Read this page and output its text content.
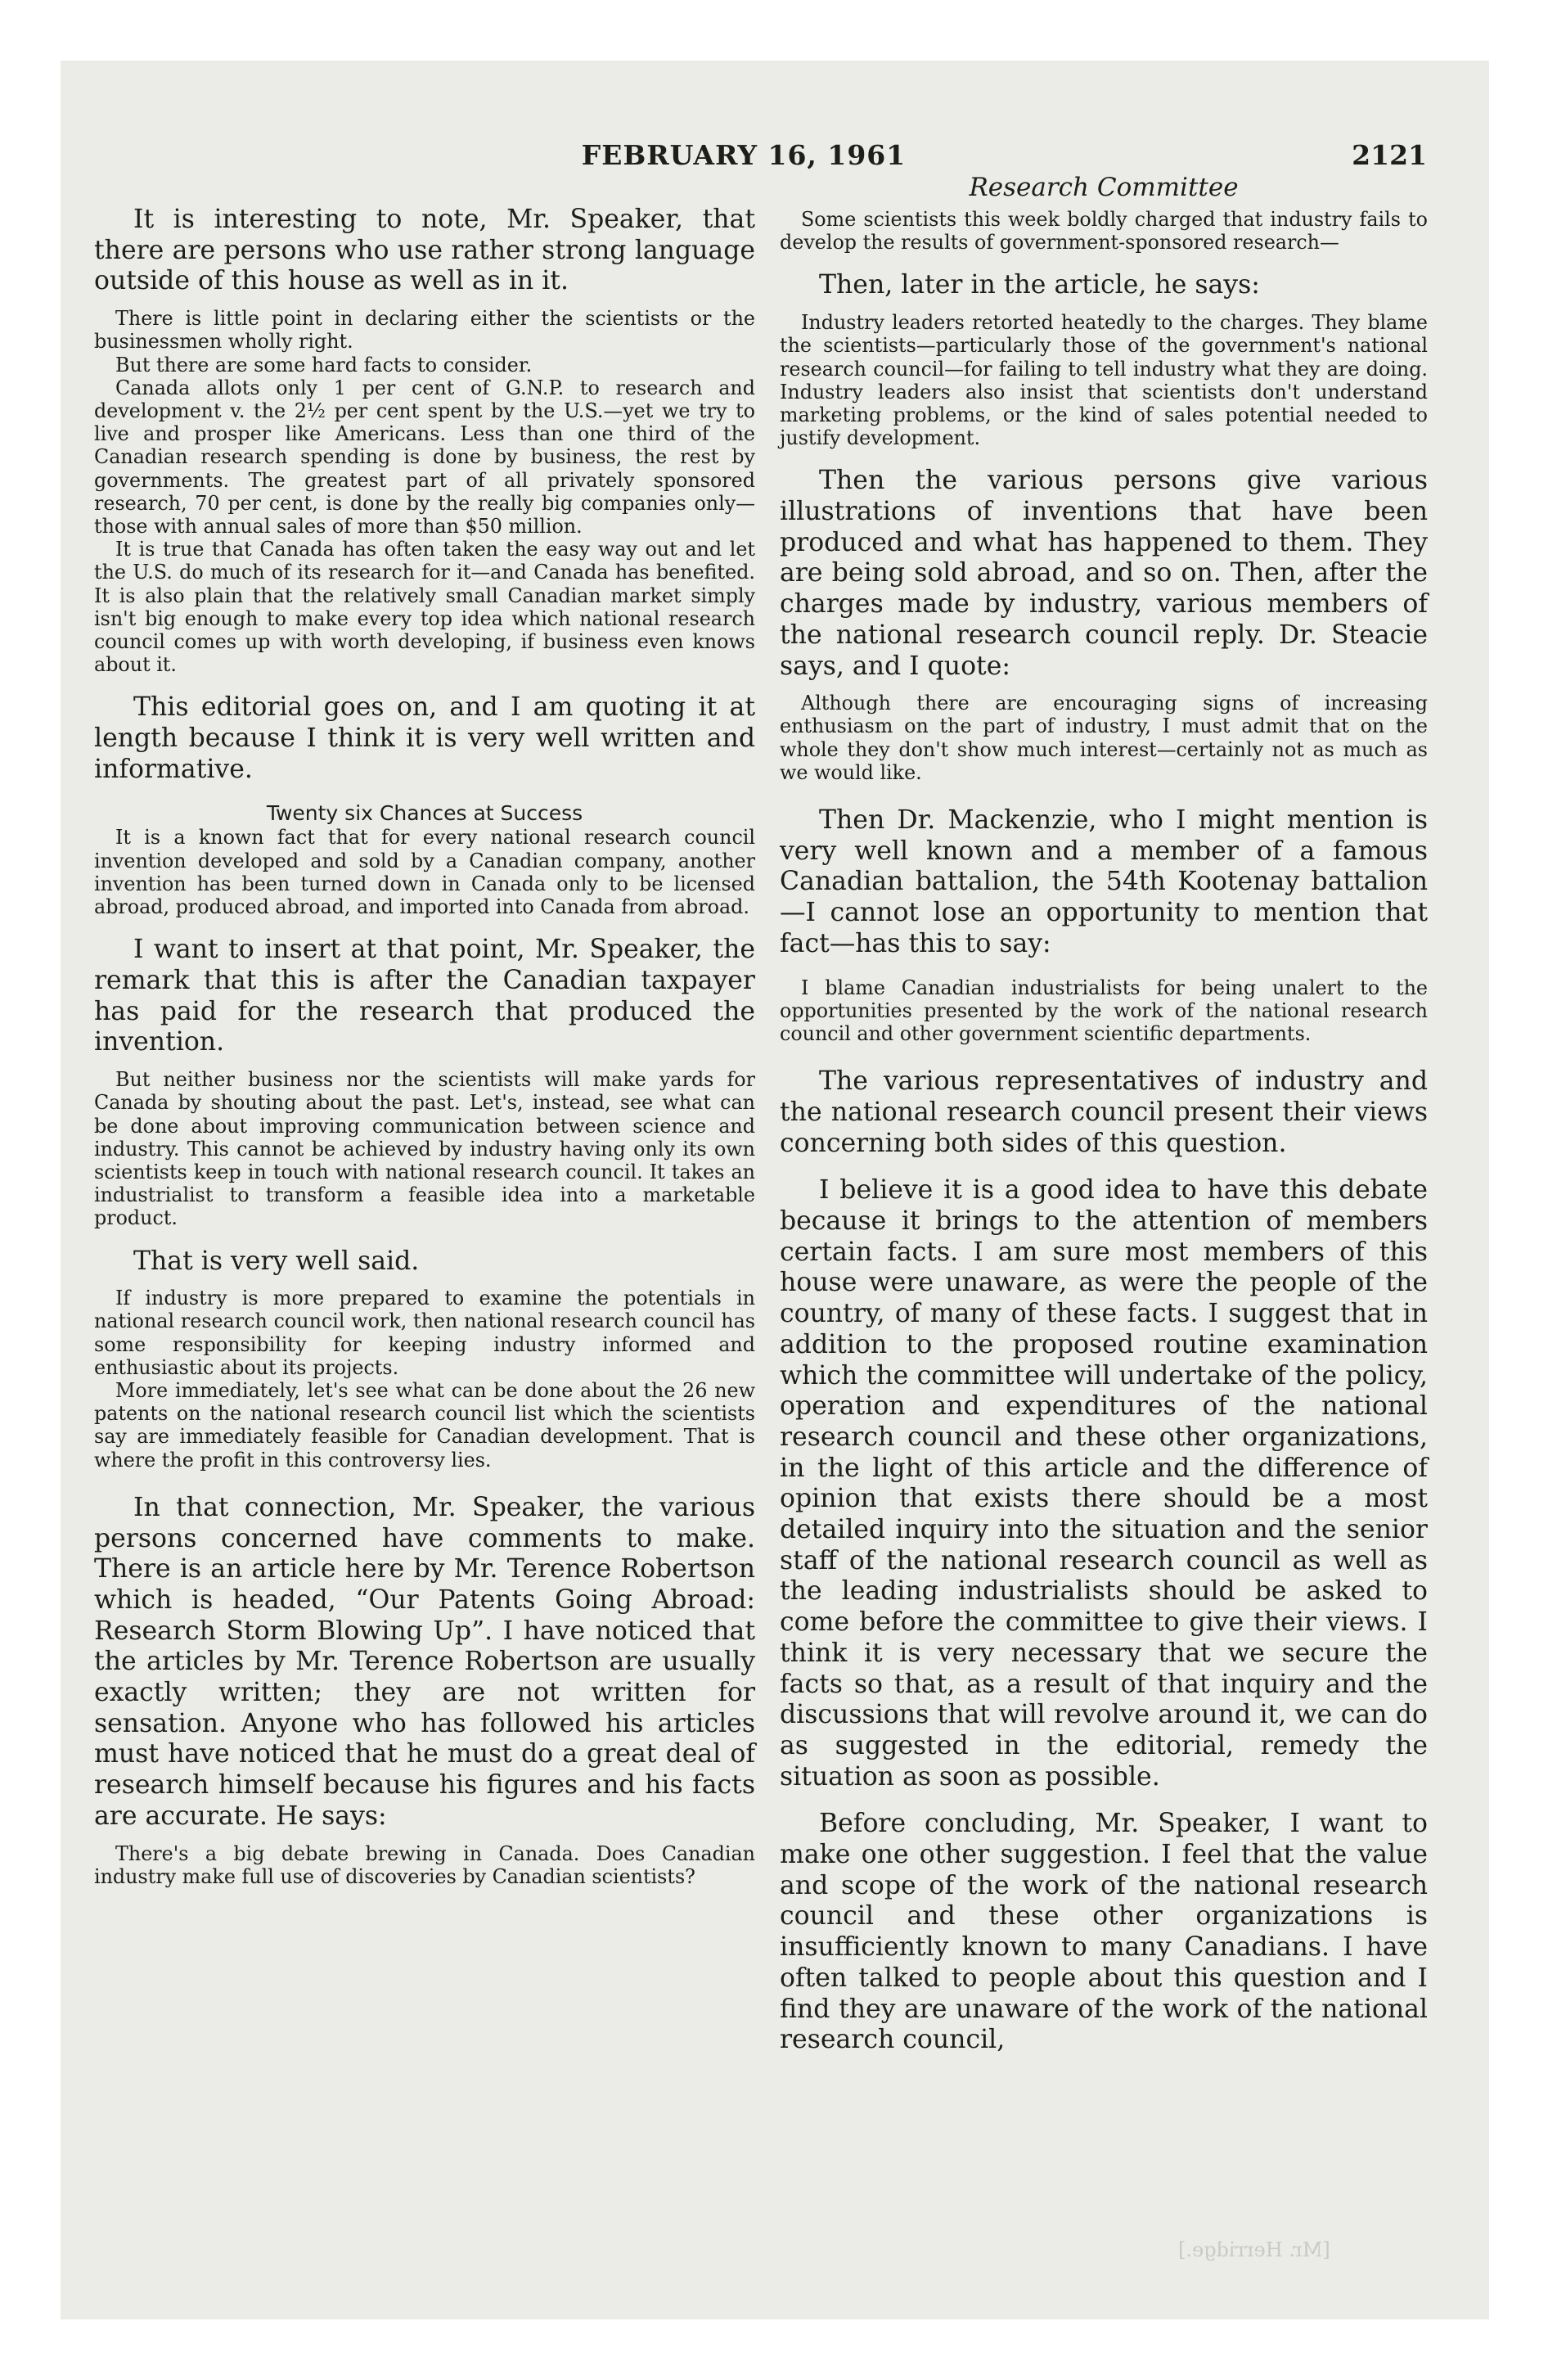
FEBRUARY 16, 1961	2121

It is interesting to note, Mr. Speaker, that there are persons who use rather strong language outside of this house as well as in it.

There is little point in declaring either the scientists or the businessmen wholly right.

But there are some hard facts to consider.

Canada allots only 1 per cent of G.N.P. to research and development v. the 2½ per cent spent by the U.S.—yet we try to live and prosper like Americans. Less than one third of the Canadian research spending is done by business, the rest by governments. The greatest part of all privately sponsored research, 70 per cent, is done by the really big companies only—those with annual sales of more than $50 million.

It is true that Canada has often taken the easy way out and let the U.S. do much of its research for it—and Canada has benefited. It is also plain that the relatively small Canadian market simply isn't big enough to make every top idea which national research council comes up with worth developing, if business even knows about it.

This editorial goes on, and I am quoting it at length because I think it is very well written and informative.

Twenty six Chances at Success

It is a known fact that for every national research council invention developed and sold by a Canadian company, another invention has been turned down in Canada only to be licensed abroad, produced abroad, and imported into Canada from abroad.

I want to insert at that point, Mr. Speaker, the remark that this is after the Canadian taxpayer has paid for the research that produced the invention.

But neither business nor the scientists will make yards for Canada by shouting about the past. Let's, instead, see what can be done about improving communication between science and industry. This cannot be achieved by industry having only its own scientists keep in touch with national research council. It takes an industrialist to transform a feasible idea into a marketable product.

That is very well said.

If industry is more prepared to examine the potentials in national research council work, then national research council has some responsibility for keeping industry informed and enthusiastic about its projects.

More immediately, let's see what can be done about the 26 new patents on the national research council list which the scientists say are immediately feasible for Canadian development. That is where the profit in this controversy lies.

In that connection, Mr. Speaker, the various persons concerned have comments to make. There is an article here by Mr. Terence Robertson which is headed, “Our Patents Going Abroad: Research Storm Blowing Up”. I have noticed that the articles by Mr. Terence Robertson are usually exactly written; they are not written for sensation. Anyone who has followed his articles must have noticed that he must do a great deal of research himself because his figures and his facts are accurate. He says:

There's a big debate brewing in Canada. Does Canadian industry make full use of discoveries by Canadian scientists?

Research Committee

Some scientists this week boldly charged that industry fails to develop the results of government-sponsored research—

Then, later in the article, he says:

Industry leaders retorted heatedly to the charges. They blame the scientists—particularly those of the government's national research council—for failing to tell industry what they are doing. Industry leaders also insist that scientists don't understand marketing problems, or the kind of sales potential needed to justify development.

Then the various persons give various illustrations of inventions that have been produced and what has happened to them. They are being sold abroad, and so on. Then, after the charges made by industry, various members of the national research council reply. Dr. Steacie says, and I quote:

Although there are encouraging signs of increasing enthusiasm on the part of industry, I must admit that on the whole they don't show much interest—certainly not as much as we would like.

Then Dr. Mackenzie, who I might mention is very well known and a member of a famous Canadian battalion, the 54th Kootenay battalion—I cannot lose an opportunity to mention that fact—has this to say:

I blame Canadian industrialists for being unalert to the opportunities presented by the work of the national research council and other government scientific departments.

The various representatives of industry and the national research council present their views concerning both sides of this question.

I believe it is a good idea to have this debate because it brings to the attention of members certain facts. I am sure most members of this house were unaware, as were the people of the country, of many of these facts. I suggest that in addition to the proposed routine examination which the committee will undertake of the policy, operation and expenditures of the national research council and these other organizations, in the light of this article and the difference of opinion that exists there should be a most detailed inquiry into the situation and the senior staff of the national research council as well as the leading industrialists should be asked to come before the committee to give their views. I think it is very necessary that we secure the facts so that, as a result of that inquiry and the discussions that will revolve around it, we can do as suggested in the editorial, remedy the situation as soon as possible.

Before concluding, Mr. Speaker, I want to make one other suggestion. I feel that the value and scope of the work of the national research council and these other organizations is insufficiently known to many Canadians. I have often talked to people about this question and I find they are unaware of the work of the national research council,

[Mr. Herridge.]
